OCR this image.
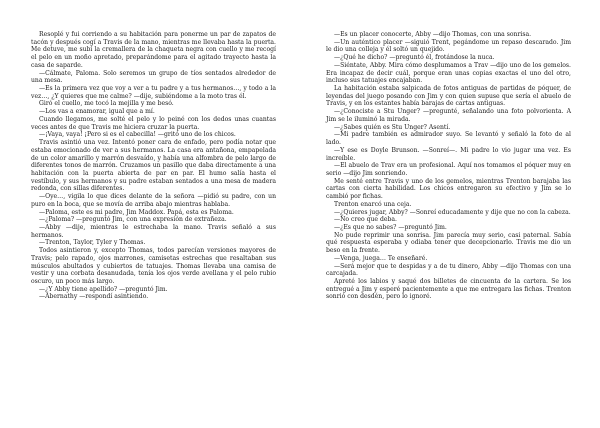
Resoplé y fui corriendo a su habitación para ponerme un par de zapatos de tacón y después cogí a Travis de la mano, mientras me llevaba hasta la puerta. Me detuve, me subí la cremallera de la chaqueta negra con cuello y me recogí el pelo en un moño apretado, preparándome para el agitado trayecto hasta la casa de saparde.

—Cálmate, Paloma. Solo seremos un grupo de tíos sentados alrededor de una mesa.

—Es la primera vez que voy a ver a tu padre y a tus hermanos…, y todo a la vez…, ¿Y quieres que me calme? —dije, subiéndome a la moto tras él.

Giró el cuello, me tocó la mejilla y me besó.

—Los vas a enamorar, igual que a mí.

Cuando llegamos, me solté el pelo y lo peiné con los dedos unas cuantas veces antes de que Travis me hiciera cruzar la puerta.

—¡Vaya, vaya! ¡Pero si es el cabecilla! —gritó uno de los chicos.

Travis asintió una vez. Intentó poner cara de enfado, pero podía notar que estaba emocionado de ver a sus hermanos. La casa era antañona, empapelada de un color amarillo y marrón desvaído, y había una alfombra de pelo largo de diferentes tonos de marrón. Cruzamos un pasillo que daba directamente a una habitación con la puerta abierta de par en par. El humo salía hasta el vestíbulo, y sus hermanos y su padre estaban sentados a una mesa de madera redonda, con sillas diferentes.

—Oye…, vigila lo que dices delante de la señora —pidió su padre, con un puro en la boca, que se movía de arriba abajo mientras hablaba.

—Paloma, este es mi padre, Jim Maddox. Papá, esta es Paloma.

—¿Paloma? —preguntó Jim, con una expresión de extrañeza.

—Abby —dije, mientras le estrechaba la mano. Travis señaló a sus hermanos.

—Trenton, Taylor, Tyler y Thomas.

Todos asintieron y, excepto Thomas, todos parecían versiones mayores de Travis; pelo rapado, ojos marrones, camisetas estrechas que resaltaban sus músculos abultados y cubiertos de tatuajes. Thomas llevaba una camisa de vestir y una corbata desanudada, tenía los ojos verde avellana y el pelo rubio oscuro, un poco más largo.

—¿Y Abby tiene apellido? —preguntó Jim.

—Abernathy —respondí asintiendo.

—Es un placer conocerte, Abby —dijo Thomas, con una sonrisa.

—Un auténtico placer —siguió Trent, pegándome un repaso descarado. Jim le dio una colleja y él soltó un quejido.

—¿Qué he dicho? —preguntó él, frotándose la nuca.

—Siéntate, Abby. Mira cómo desplumamos a Trav —dijo uno de los gemelos. Era incapaz de decir cuál, porque eran unas copias exactas el uno del otro, incluso sus tatuajes encajaban.

La habitación estaba salpicada de fotos antiguas de partidas de póquer, de leyendas del juego posando con Jim y con quien supuse que sería el abuelo de Travis, y en los estantes había barajas de cartas antiguas.

—¿Conociste a Stu Unger? —pregunté, señalando una foto polvorienta. A Jim se le iluminó la mirada.

—¿Sabes quién es Stu Unger? Asentí.

—Mi padre también es admirador suyo. Se levantó y señaló la foto de al lado.

—Y ese es Doyle Brunson. —Sonreí—. Mi padre lo vio jugar una vez. Es increíble.

—El abuelo de Trav era un profesional. Aquí nos tomamos el póquer muy en serio —dijo Jim sonriendo.

Me senté entre Travis y uno de los gemelos, mientras Trenton barajaba las cartas con cierta habilidad. Los chicos entregaron su efectivo y Jim se lo cambió por fichas.

Trenton enarcó una ceja.

—¿Quieres jugar, Abby? —Sonreí educadamente y dije que no con la cabeza.

—No creo que deba.

—¿Es que no sabes? —preguntó Jim.

No pude reprimir una sonrisa. Jim parecía muy serio, casi paternal. Sabía qué respuesta esperaba y odiaba tener que decepcionarlo. Travis me dio un beso en la frente.

—Venga, juega… Te enseñaré.

—Será mejor que te despidas y a de tu dinero, Abby —dijo Thomas con una carcajada.

Apreté los labios y saqué dos billetes de cincuenta de la cartera. Se los entregué a Jim y esperé pacientemente a que me entregara las fichas. Trenton sonrió con desdén, pero lo ignoré.
